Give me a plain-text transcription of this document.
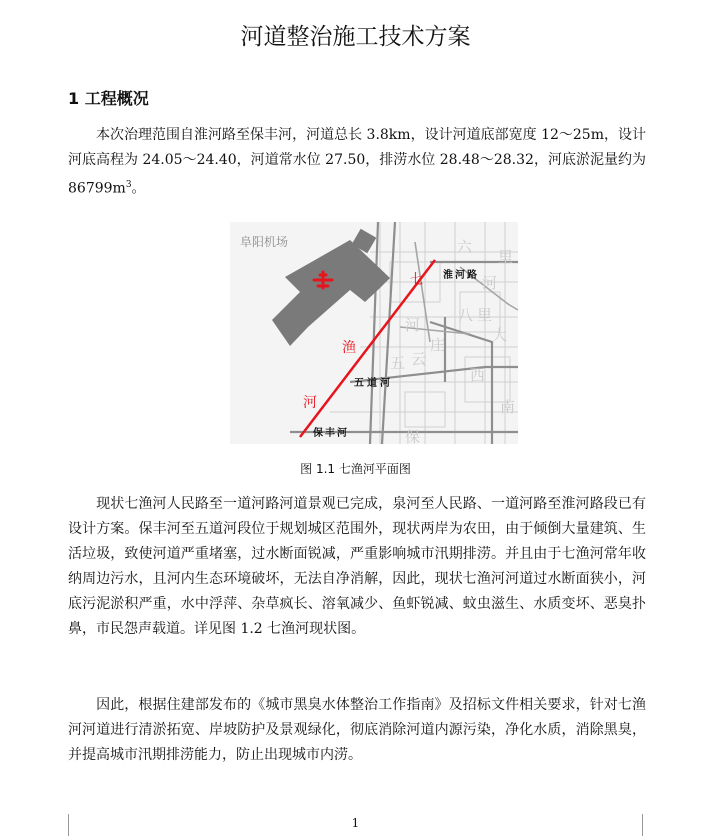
河道整治施工技术方案
1 工程概况

本次治理范围自淮河路至保丰河，河道总长 3.8km，设计河道底部宽度 12～25m，设计河底高程为 24.05～24.40，河道常水位 27.50，排涝水位 28.48～28.32，河底淤泥量约为 $86799m^3$。

六
里
八 里
河
五 云
西
保
大
河
庄
南
阜阳机场
七
渔
河
淮河路
五道河
保丰河
图 1.1 七渔河平面图

现状七渔河人民路至一道河路河道景观已完成，泉河至人民路、一道河路至淮河路段已有设计方案。保丰河至五道河段位于规划城区范围外，现状两岸为农田，由于倾倒大量建筑、生活垃圾，致使河道严重堵塞，过水断面锐减，严重影响城市汛期排涝。并且由于七渔河常年收纳周边污水，且河内生态环境破坏，无法自净消解，因此，现状七渔河河道过水断面狭小，河底污泥淤积严重，水中浮萍、杂草疯长、溶氧减少、鱼虾锐减、蚊虫滋生、水质变坏、恶臭扑鼻，市民怨声载道。详见图 1.2 七渔河现状图。

因此，根据住建部发布的《城市黑臭水体整治工作指南》及招标文件相关要求，针对七渔河河道进行清淤拓宽、岸坡防护及景观绿化，彻底消除河道内源污染，净化水质，消除黑臭，并提高城市汛期排涝能力，防止出现城市内涝。

1
